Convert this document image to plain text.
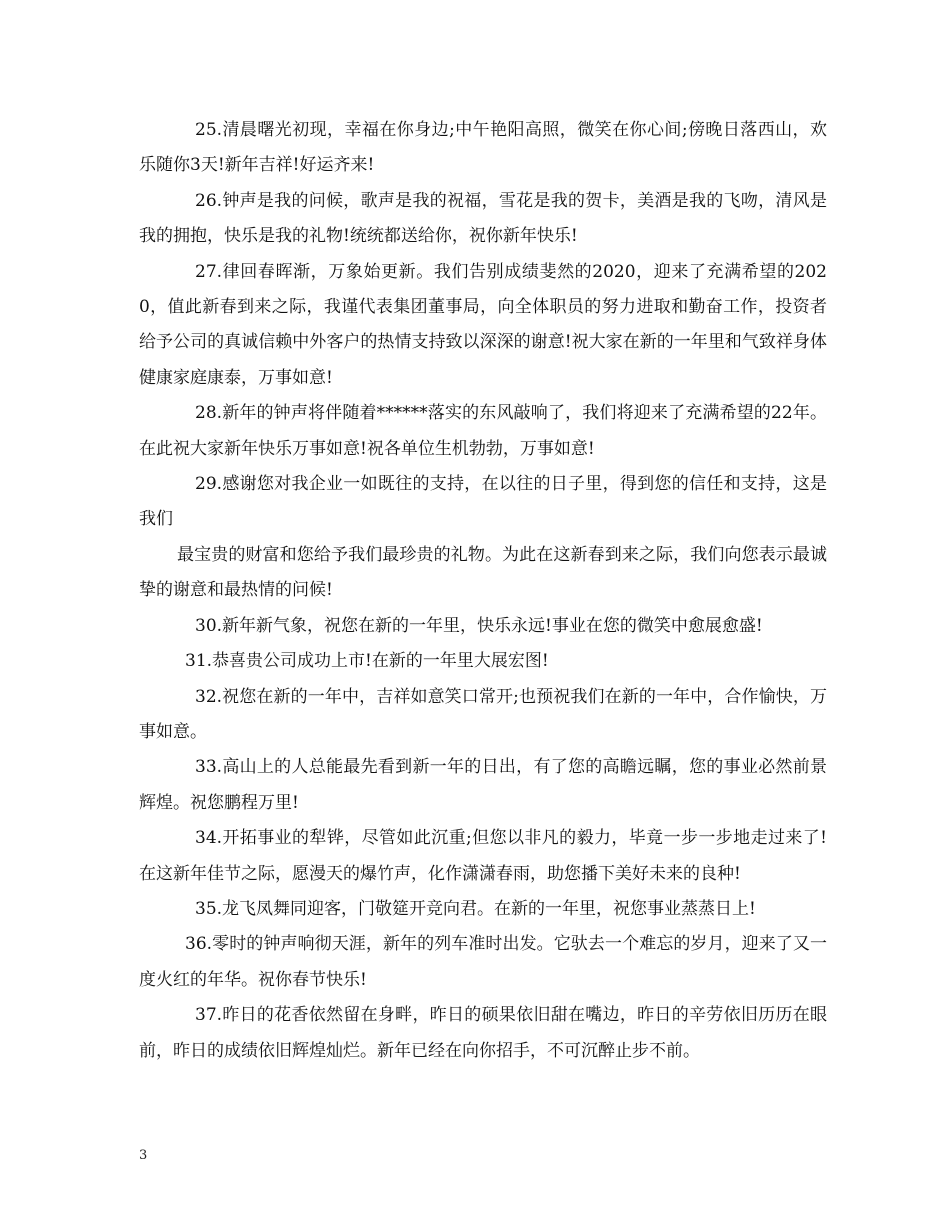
25.清晨曙光初现，幸福在你身边;中午艳阳高照，微笑在你心间;傍晚日落西山，欢乐随你3天!新年吉祥!好运齐来!

26.钟声是我的问候，歌声是我的祝福，雪花是我的贺卡，美酒是我的飞吻，清风是我的拥抱，快乐是我的礼物!统统都送给你，祝你新年快乐!

27.律回春晖渐，万象始更新。我们告别成绩斐然的2020，迎来了充满希望的2020，值此新春到来之际，我谨代表集团董事局，向全体职员的努力进取和勤奋工作，投资者给予公司的真诚信赖中外客户的热情支持致以深深的谢意!祝大家在新的一年里和气致祥身体健康家庭康泰，万事如意!

28.新年的钟声将伴随着******落实的东风敲响了，我们将迎来了充满希望的22年。在此祝大家新年快乐万事如意!祝各单位生机勃勃，万事如意!

29.感谢您对我企业一如既往的支持，在以往的日子里，得到您的信任和支持，这是我们

最宝贵的财富和您给予我们最珍贵的礼物。为此在这新春到来之际，我们向您表示最诚挚的谢意和最热情的问候!

30.新年新气象，祝您在新的一年里，快乐永远!事业在您的微笑中愈展愈盛!

31.恭喜贵公司成功上市!在新的一年里大展宏图!

32.祝您在新的一年中，吉祥如意笑口常开;也预祝我们在新的一年中，合作愉快，万事如意。

33.高山上的人总能最先看到新一年的日出，有了您的高瞻远瞩，您的事业必然前景辉煌。祝您鹏程万里!

34.开拓事业的犁铧，尽管如此沉重;但您以非凡的毅力，毕竟一步一步地走过来了!在这新年佳节之际，愿漫天的爆竹声，化作潇潇春雨，助您播下美好未来的良种!

35.龙飞凤舞同迎客，门敬筵开竞向君。在新的一年里，祝您事业蒸蒸日上!

36.零时的钟声响彻天涯，新年的列车准时出发。它驮去一个难忘的岁月，迎来了又一度火红的年华。祝你春节快乐!

37.昨日的花香依然留在身畔，昨日的硕果依旧甜在嘴边，昨日的辛劳依旧历历在眼前，昨日的成绩依旧辉煌灿烂。新年已经在向你招手，不可沉醉止步不前。

3
